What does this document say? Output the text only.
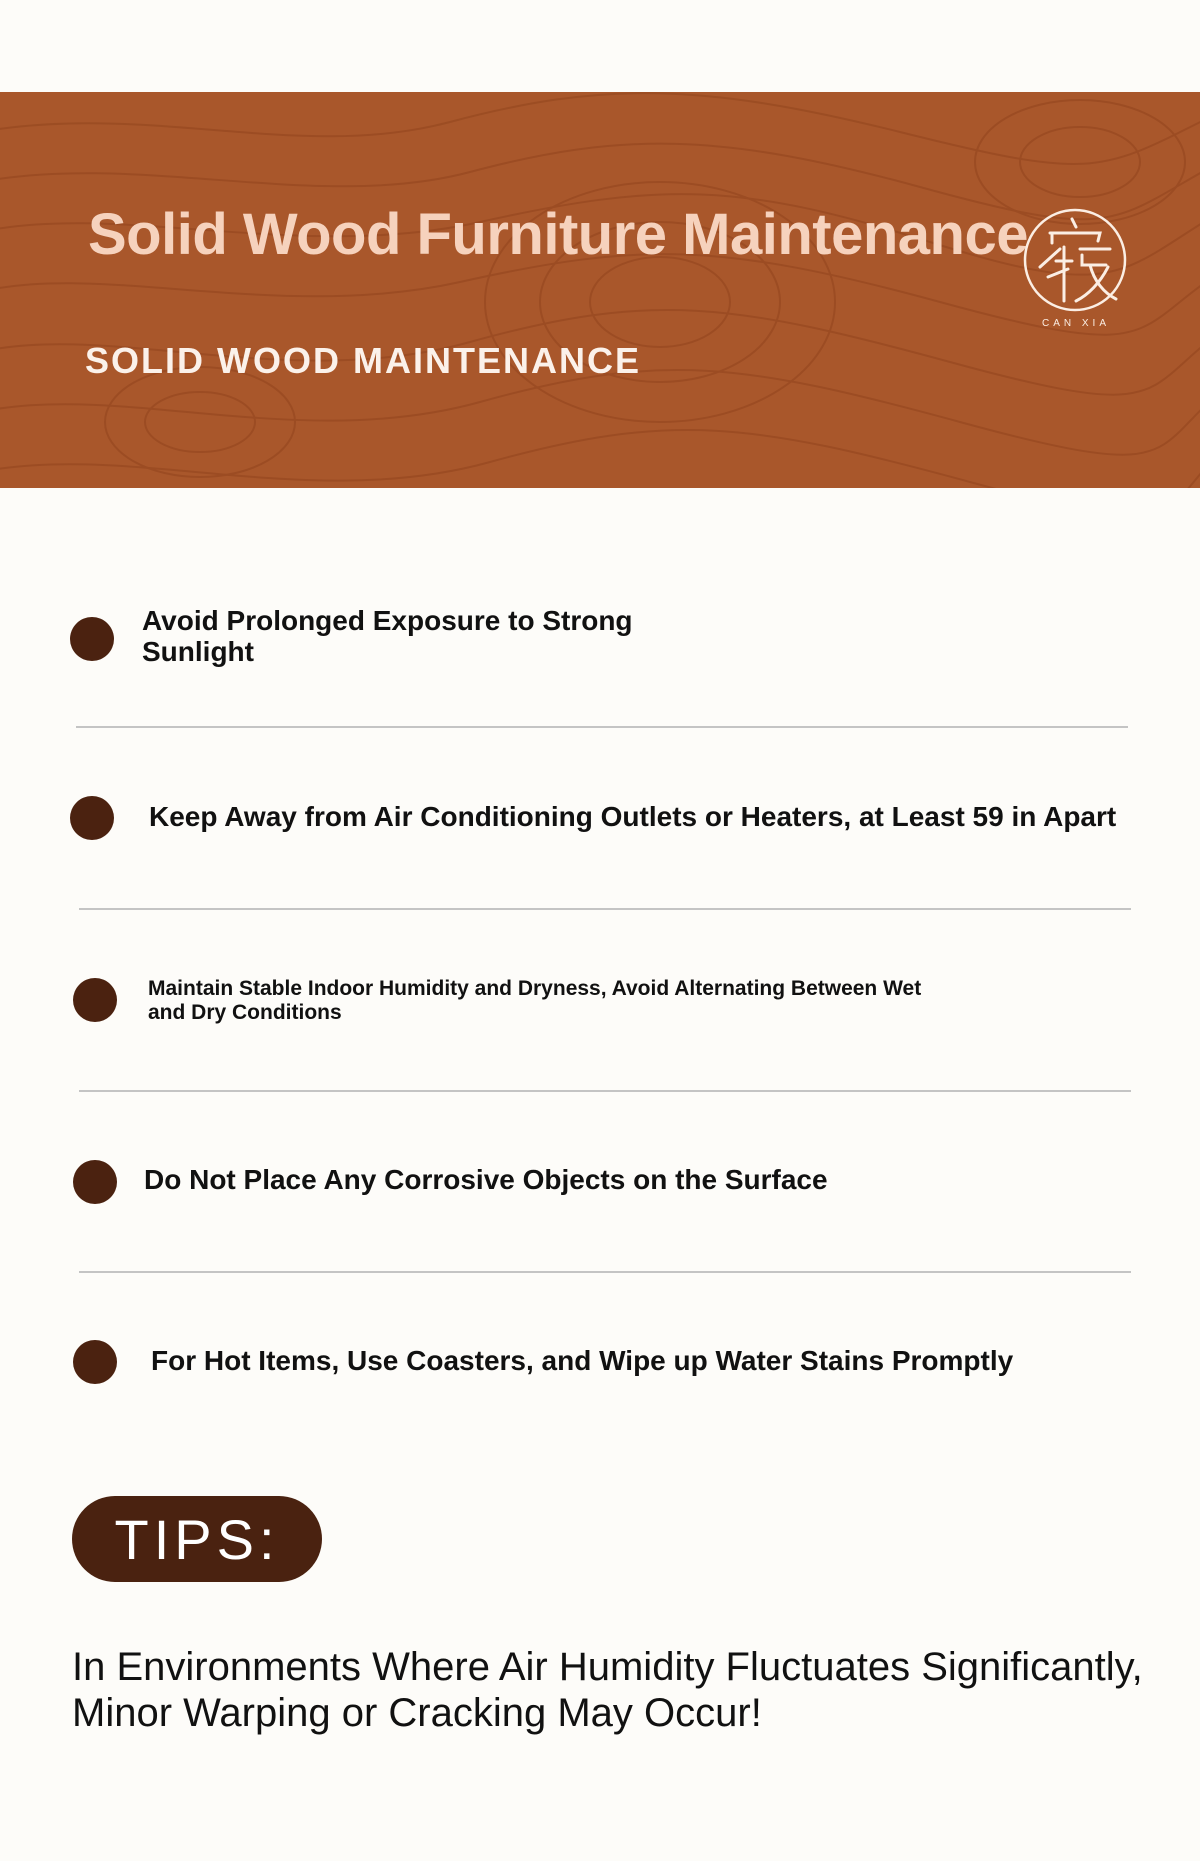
Solid Wood Furniture Maintenance
SOLID WOOD MAINTENANCE
CAN XIA

Avoid Prolonged Exposure to Strong Sunlight

Keep Away from Air Conditioning Outlets or Heaters, at Least 59 in Apart

Maintain Stable Indoor Humidity and Dryness, Avoid Alternating Between Wet and Dry Conditions

Do Not Place Any Corrosive Objects on the Surface

For Hot Items, Use Coasters, and Wipe up Water Stains Promptly

TIPS:

In Environments Where Air Humidity Fluctuates Significantly, Minor Warping or Cracking May Occur!
